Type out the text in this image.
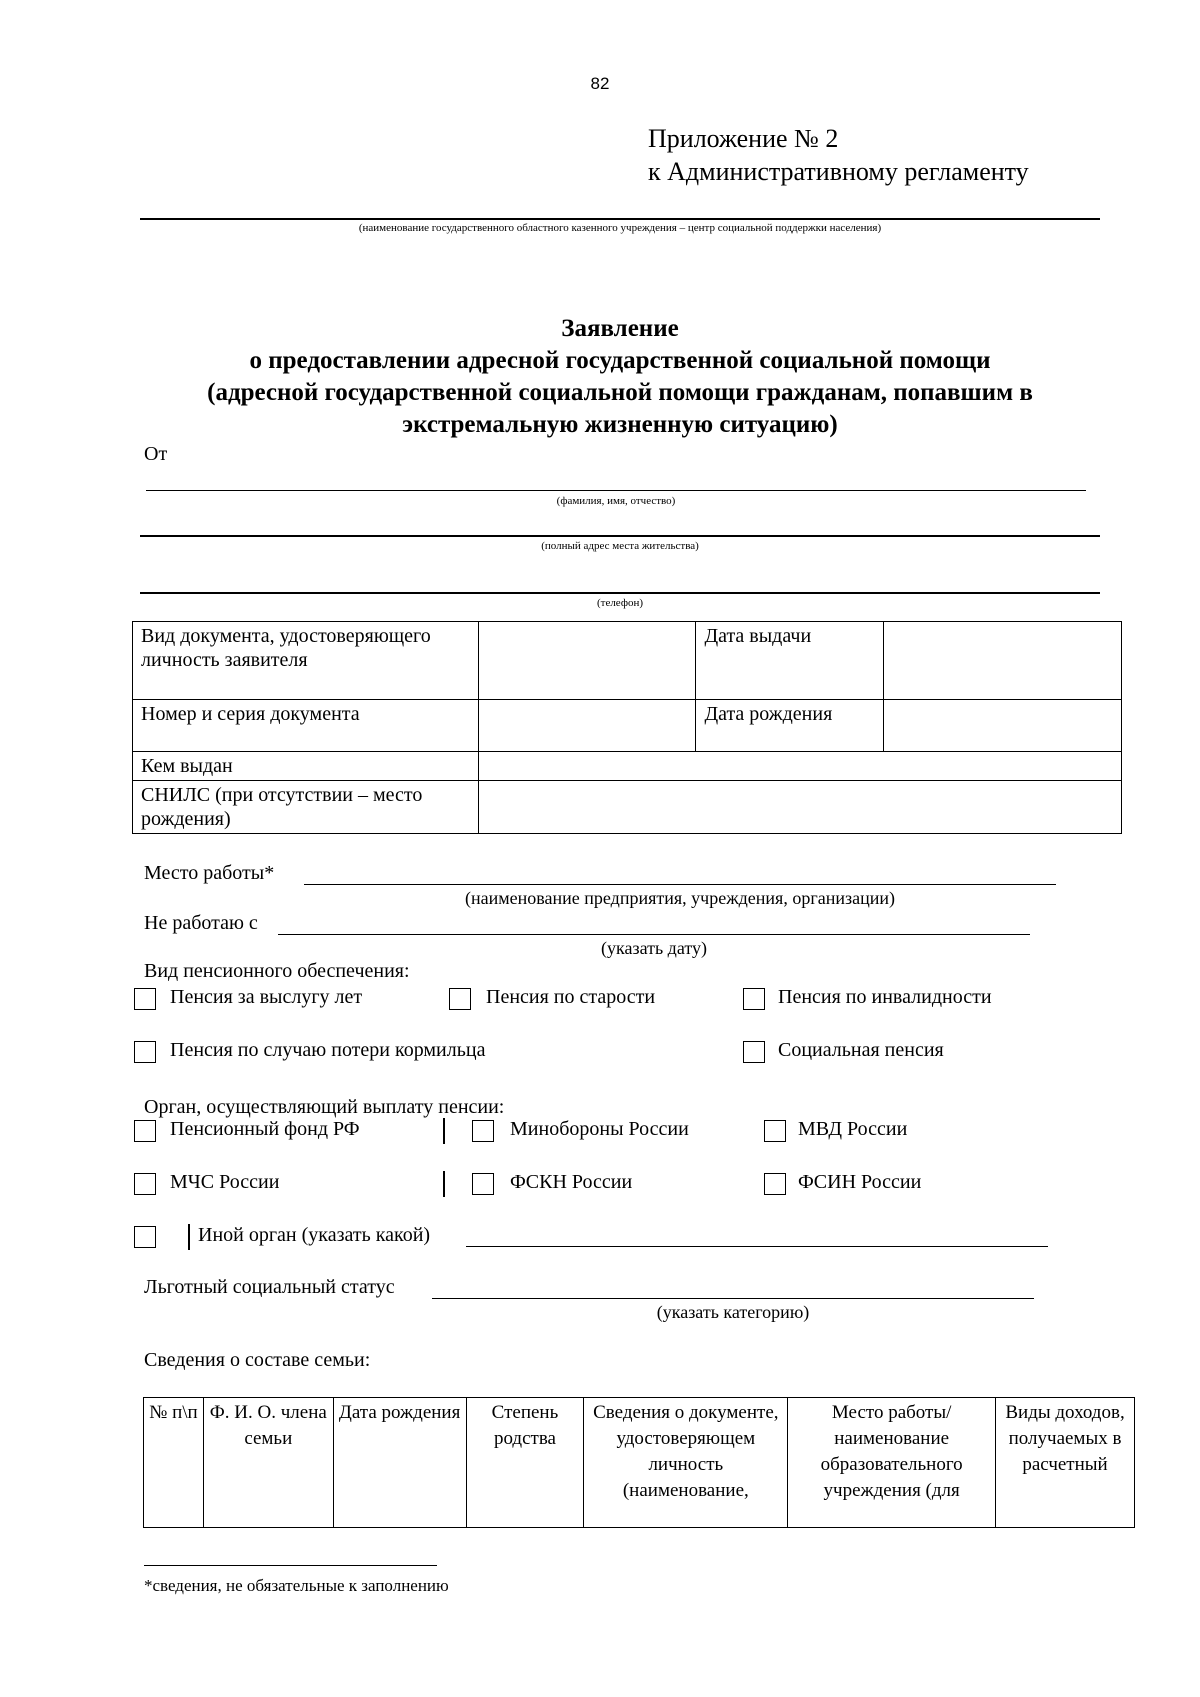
82
Приложение № 2
к Административному регламенту
(наименование государственного областного казенного учреждения – центр социальной поддержки населения)
Заявление
о предоставлении адресной государственной социальной помощи
(адресной государственной социальной помощи гражданам, попавшим в
экстремальную жизненную ситуацию)
От
(фамилия, имя, отчество)
(полный адрес места жительства)
(телефон)
Вид документа, удостоверяющего личность заявителя		Дата выдачи	
Номер и серия документа		Дата рождения	
Кем выдан			
СНИЛС (при отсутствии – место рождения)			
Место работы*
(наименование предприятия, учреждения, организации)
Не работаю с
(указать дату)
Вид пенсионного обеспечения:
Пенсия за выслугу лет	Пенсия по старости	Пенсия по инвалидности
Пенсия по случаю потери кормильца	Социальная пенсия
Орган, осуществляющий выплату пенсии:
Пенсионный фонд РФ	Минобороны России	МВД России
МЧС России	ФСКН России	ФСИН России
Иной орган (указать какой)
Льготный социальный статус
(указать категорию)
Сведения о составе семьи:
№ п\п	Ф. И. О. члена семьи	Дата рождения	Степень родства	Сведения о документе, удостоверяющем личность (наименование,	Место работы/ наименование образовательного учреждения (для	Виды доходов, получаемых в расчетный
*сведения, не обязательные к заполнению
